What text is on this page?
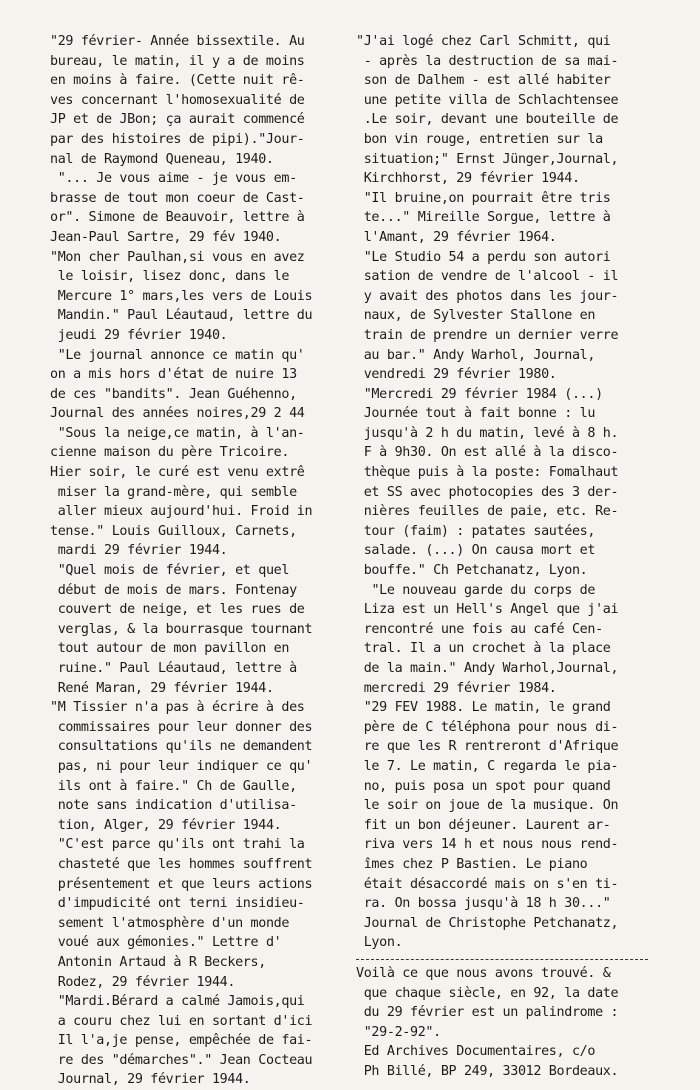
"29 février- Année bissextile. Au
bureau, le matin, il y a de moins
en moins à faire. (Cette nuit rê-
ves concernant l'homosexualité de
JP et de JBon; ça aurait commencé
par des histoires de pipi)."Jour-
nal de Raymond Queneau, 1940.

"... Je vous aime - je vous em-
brasse de tout mon coeur de Cast-
or". Simone de Beauvoir, lettre à
Jean-Paul Sartre, 29 fév 1940.

"Mon cher Paulhan,si vous en avez
le loisir, lisez donc, dans le
Mercure 1° mars,les vers de Louis
Mandin." Paul Léautaud, lettre du
jeudi 29 février 1940.

"Le journal annonce ce matin qu'
on a mis hors d'état de nuire 13
de ces "bandits". Jean Guéhenno,
Journal des années noires,29 2 44

"Sous la neige,ce matin, à l'an-
cienne maison du père Tricoire.
Hier soir, le curé est venu extrê
miser la grand-mère, qui semble
aller mieux aujourd'hui. Froid in
tense." Louis Guilloux, Carnets,
mardi 29 février 1944.

"Quel mois de février, et quel
début de mois de mars. Fontenay
couvert de neige, et les rues de
verglas, & la bourrasque tournant
tout autour de mon pavillon en
ruine." Paul Léautaud, lettre à
René Maran, 29 février 1944.

"M Tissier n'a pas à écrire à des
commissaires pour leur donner des
consultations qu'ils ne demandent
pas, ni pour leur indiquer ce qu'
ils ont à faire." Ch de Gaulle,
note sans indication d'utilisa-
tion, Alger, 29 février 1944.

"C'est parce qu'ils ont trahi la
chasteté que les hommes souffrent
présentement et que leurs actions
d'impudicité ont terni insidieu-
sement l'atmosphère d'un monde
voué aux gémonies." Lettre d'
Antonin Artaud à R Beckers,
Rodez, 29 février 1944.

"Mardi.Bérard a calmé Jamois,qui
a couru chez lui en sortant d'ici
Il l'a,je pense, empêchée de fai-
re des "démarches"." Jean Cocteau
Journal, 29 février 1944.

"J'ai logé chez Carl Schmitt, qui
- après la destruction de sa mai-
son de Dalhem - est allé habiter
une petite villa de Schlachtensee
.Le soir, devant une bouteille de
bon vin rouge, entretien sur la
situation;" Ernst Jünger,Journal,
Kirchhorst, 29 février 1944.

"Il bruine,on pourrait être tris
te..." Mireille Sorgue, lettre à
l'Amant, 29 février 1964.

"Le Studio 54 a perdu son autori
sation de vendre de l'alcool - il
y avait des photos dans les jour-
naux, de Sylvester Stallone en
train de prendre un dernier verre
au bar." Andy Warhol, Journal,
vendredi 29 février 1980.

"Mercredi 29 février 1984 (...)
Journée tout à fait bonne : lu
jusqu'à 2 h du matin, levé à 8 h.
F à 9h30. On est allé à la disco-
thèque puis à la poste: Fomalhaut
et SS avec photocopies des 3 der-
nières feuilles de paie, etc. Re-
tour (faim) : patates sautées,
salade. (...) On causa mort et
bouffe." Ch Petchanatz, Lyon.

"Le nouveau garde du corps de
Liza est un Hell's Angel que j'ai
rencontré une fois au café Cen-
tral. Il a un crochet à la place
de la main." Andy Warhol,Journal,
mercredi 29 février 1984.

"29 FEV 1988. Le matin, le grand
père de C téléphona pour nous di-
re que les R rentreront d'Afrique
le 7. Le matin, C regarda le pia-
no, puis posa un spot pour quand
le soir on joue de la musique. On
fit un bon déjeuner. Laurent ar-
riva vers 14 h et nous nous rend-
îmes chez P Bastien. Le piano
était désaccordé mais on s'en ti-
ra. On bossa jusqu'à 18 h 30..."
Journal de Christophe Petchanatz,
Lyon.

Voilà ce que nous avons trouvé. &
que chaque siècle, en 92, la date
du 29 février est un palindrome :
"29-2-92".
Ed Archives Documentaires, c/o
Ph Billé, BP 249, 33012 Bordeaux.
